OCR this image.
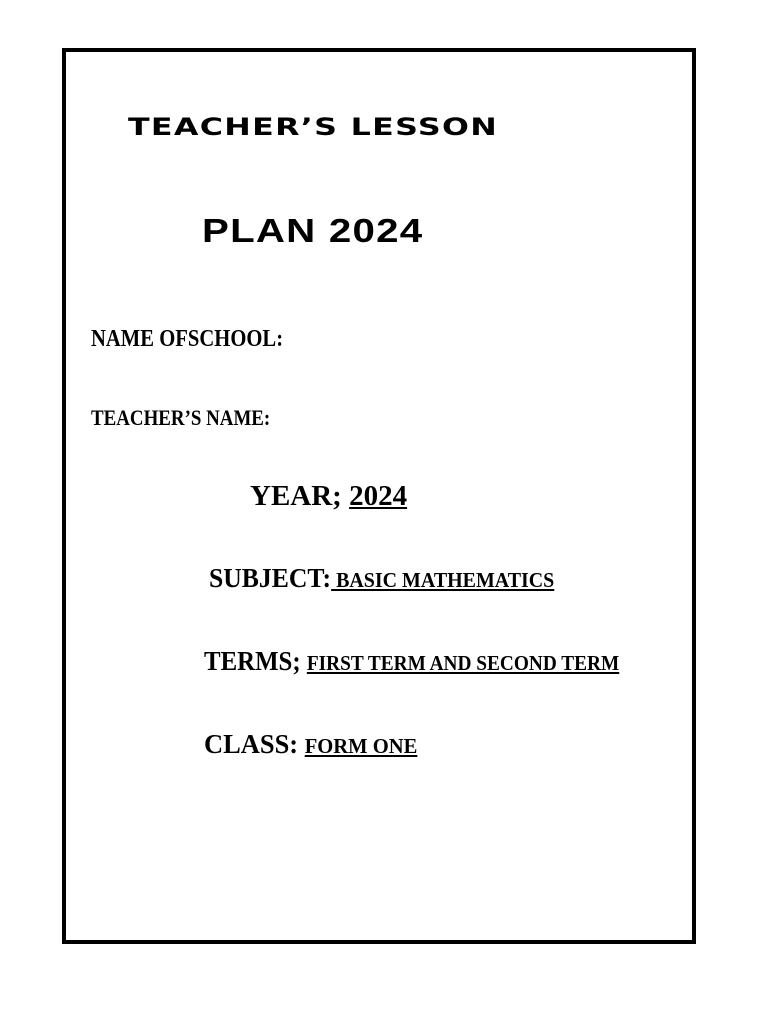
TEACHER’S LESSON
PLAN 2024
NAME OFSCHOOL:
TEACHER’S NAME:
YEAR; 2024
SUBJECT: BASIC MATHEMATICS
TERMS; FIRST TERM AND SECOND TERM
CLASS: FORM ONE
